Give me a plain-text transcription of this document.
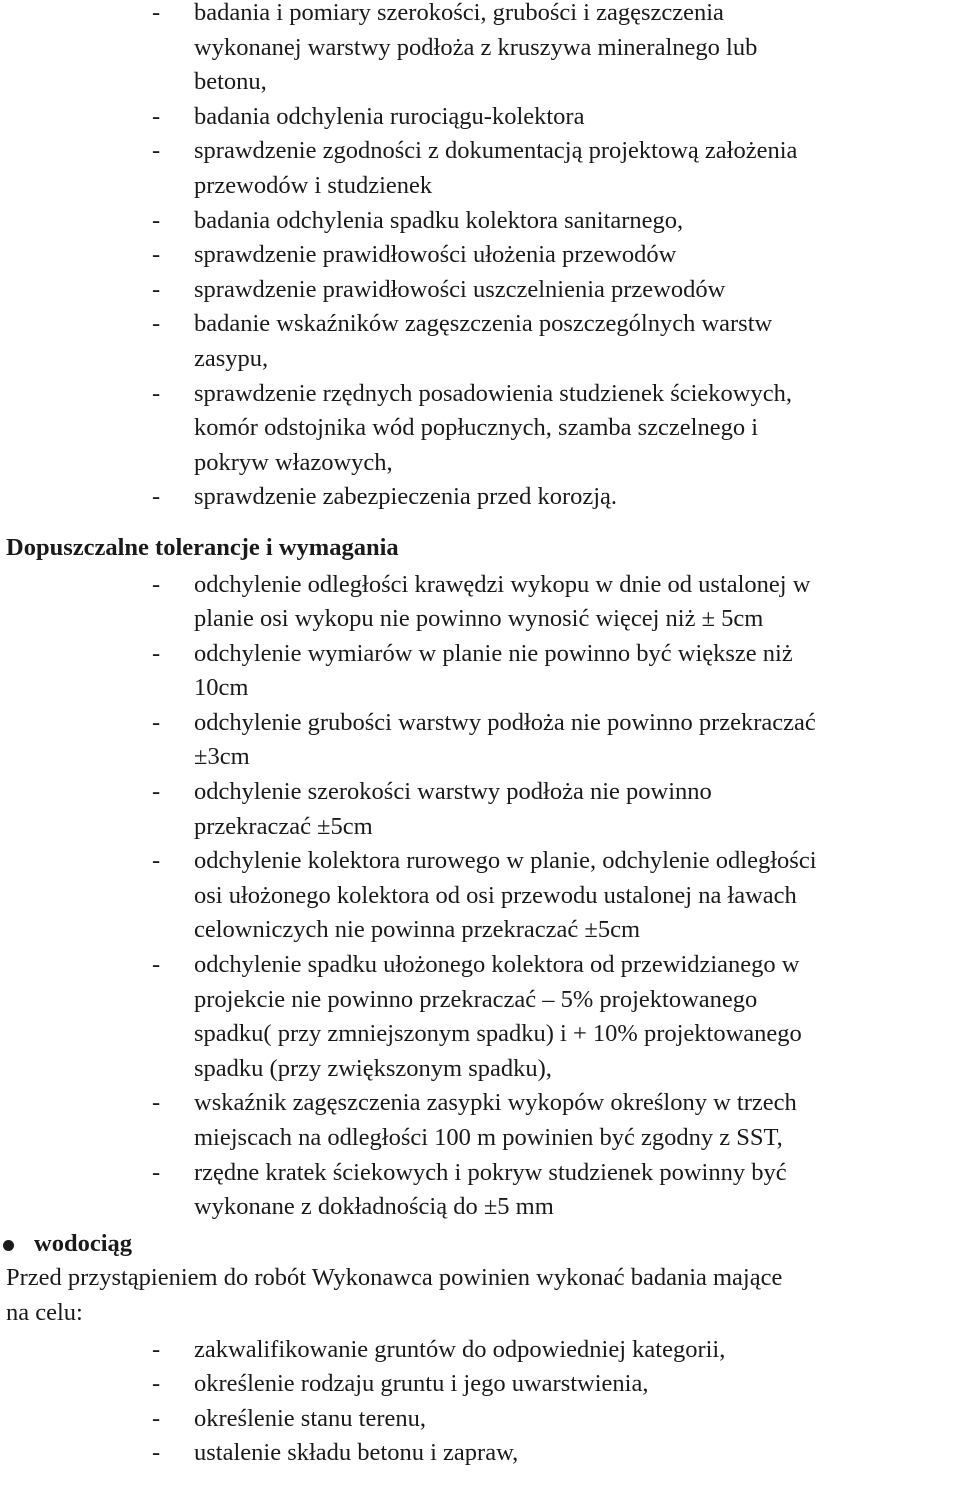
- badania i pomiary szerokości, grubości i zagęszczenia
wykonanej warstwy podłoża z kruszywa mineralnego lub
betonu,
- badania odchylenia rurociągu-kolektora
- sprawdzenie zgodności z dokumentacją projektową założenia
przewodów i studzienek
- badania odchylenia spadku kolektora sanitarnego,
- sprawdzenie prawidłowości ułożenia przewodów
- sprawdzenie prawidłowości uszczelnienia przewodów
- badanie wskaźników zagęszczenia poszczególnych warstw
zasypu,
- sprawdzenie rzędnych posadowienia studzienek ściekowych,
komór odstojnika wód popłucznych, szamba szczelnego i
pokryw włazowych,
- sprawdzenie zabezpieczenia przed korozją.
Dopuszczalne tolerancje i wymagania
- odchylenie odległości krawędzi wykopu w dnie od ustalonej w
planie osi wykopu nie powinno wynosić więcej niż ± 5cm
- odchylenie wymiarów w planie nie powinno być większe niż
10cm
- odchylenie grubości warstwy podłoża nie powinno przekraczać
±3cm
- odchylenie szerokości warstwy podłoża nie powinno
przekraczać ±5cm
- odchylenie kolektora rurowego w planie, odchylenie odległości
osi ułożonego kolektora od osi przewodu ustalonej na ławach
celowniczych nie powinna przekraczać ±5cm
- odchylenie spadku ułożonego kolektora od przewidzianego w
projekcie nie powinno przekraczać – 5% projektowanego
spadku( przy zmniejszonym spadku) i + 10% projektowanego
spadku (przy zwiększonym spadku),
- wskaźnik zagęszczenia zasypki wykopów określony w trzech
miejscach na odległości 100 m powinien być zgodny z SST,
- rzędne kratek ściekowych i pokryw studzienek powinny być
wykonane z dokładnością do ±5 mm
wodociąg
Przed przystąpieniem do robót Wykonawca powinien wykonać badania mające
na celu:
- zakwalifikowanie gruntów do odpowiedniej kategorii,
- określenie rodzaju gruntu i jego uwarstwienia,
- określenie stanu terenu,
- ustalenie składu betonu i zapraw,
